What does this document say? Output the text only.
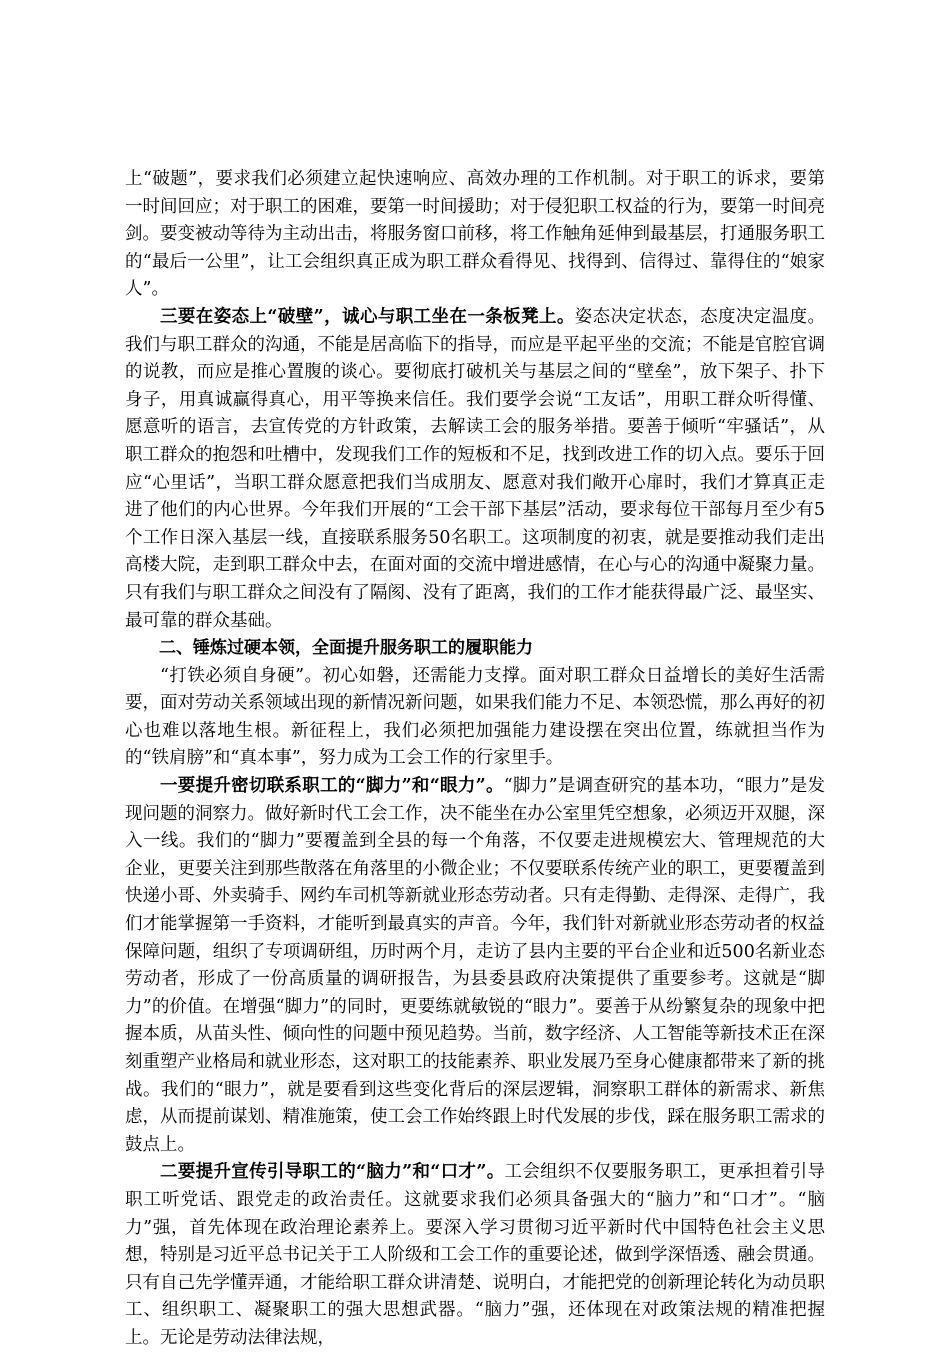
上“破题”，要求我们必须建立起快速响应、高效办理的工作机制。对于职工的诉求，要第一时间回应；对于职工的困难，要第一时间援助；对于侵犯职工权益的行为，要第一时间亮剑。要变被动等待为主动出击，将服务窗口前移，将工作触角延伸到最基层，打通服务职工的“最后一公里”，让工会组织真正成为职工群众看得见、找得到、信得过、靠得住的“娘家人”。

三要在姿态上“破壁”，诚心与职工坐在一条板凳上。姿态决定状态，态度决定温度。我们与职工群众的沟通，不能是居高临下的指导，而应是平起平坐的交流；不能是官腔官调的说教，而应是推心置腹的谈心。要彻底打破机关与基层之间的“壁垒”，放下架子、扑下身子，用真诚赢得真心，用平等换来信任。我们要学会说“工友话”，用职工群众听得懂、愿意听的语言，去宣传党的方针政策，去解读工会的服务举措。要善于倾听“牢骚话”，从职工群众的抱怨和吐槽中，发现我们工作的短板和不足，找到改进工作的切入点。要乐于回应“心里话”，当职工群众愿意把我们当成朋友、愿意对我们敞开心扉时，我们才算真正走进了他们的内心世界。今年我们开展的“工会干部下基层”活动，要求每位干部每月至少有5个工作日深入基层一线，直接联系服务50名职工。这项制度的初衷，就是要推动我们走出高楼大院，走到职工群众中去，在面对面的交流中增进感情，在心与心的沟通中凝聚力量。只有我们与职工群众之间没有了隔阂、没有了距离，我们的工作才能获得最广泛、最坚实、最可靠的群众基础。

二、锤炼过硬本领，全面提升服务职工的履职能力

“打铁必须自身硬”。初心如磐，还需能力支撑。面对职工群众日益增长的美好生活需要，面对劳动关系领域出现的新情况新问题，如果我们能力不足、本领恐慌，那么再好的初心也难以落地生根。新征程上，我们必须把加强能力建设摆在突出位置，练就担当作为的“铁肩膀”和“真本事”，努力成为工会工作的行家里手。

一要提升密切联系职工的“脚力”和“眼力”。“脚力”是调查研究的基本功，“眼力”是发现问题的洞察力。做好新时代工会工作，决不能坐在办公室里凭空想象，必须迈开双腿，深入一线。我们的“脚力”要覆盖到全县的每一个角落，不仅要走进规模宏大、管理规范的大企业，更要关注到那些散落在角落里的小微企业；不仅要联系传统产业的职工，更要覆盖到快递小哥、外卖骑手、网约车司机等新就业形态劳动者。只有走得勤、走得深、走得广，我们才能掌握第一手资料，才能听到最真实的声音。今年，我们针对新就业形态劳动者的权益保障问题，组织了专项调研组，历时两个月，走访了县内主要的平台企业和近500名新业态劳动者，形成了一份高质量的调研报告，为县委县政府决策提供了重要参考。这就是“脚力”的价值。在增强“脚力”的同时，更要练就敏锐的“眼力”。要善于从纷繁复杂的现象中把握本质，从苗头性、倾向性的问题中预见趋势。当前，数字经济、人工智能等新技术正在深刻重塑产业格局和就业形态，这对职工的技能素养、职业发展乃至身心健康都带来了新的挑战。我们的“眼力”，就是要看到这些变化背后的深层逻辑，洞察职工群体的新需求、新焦虑，从而提前谋划、精准施策，使工会工作始终跟上时代发展的步伐，踩在服务职工需求的鼓点上。

二要提升宣传引导职工的“脑力”和“口才”。工会组织不仅要服务职工，更承担着引导职工听党话、跟党走的政治责任。这就要求我们必须具备强大的“脑力”和“口才”。“脑力”强，首先体现在政治理论素养上。要深入学习贯彻习近平新时代中国特色社会主义思想，特别是习近平总书记关于工人阶级和工会工作的重要论述，做到学深悟透、融会贯通。只有自己先学懂弄通，才能给职工群众讲清楚、说明白，才能把党的创新理论转化为动员职工、组织职工、凝聚职工的强大思想武器。“脑力”强，还体现在对政策法规的精准把握上。无论是劳动法律法规，
